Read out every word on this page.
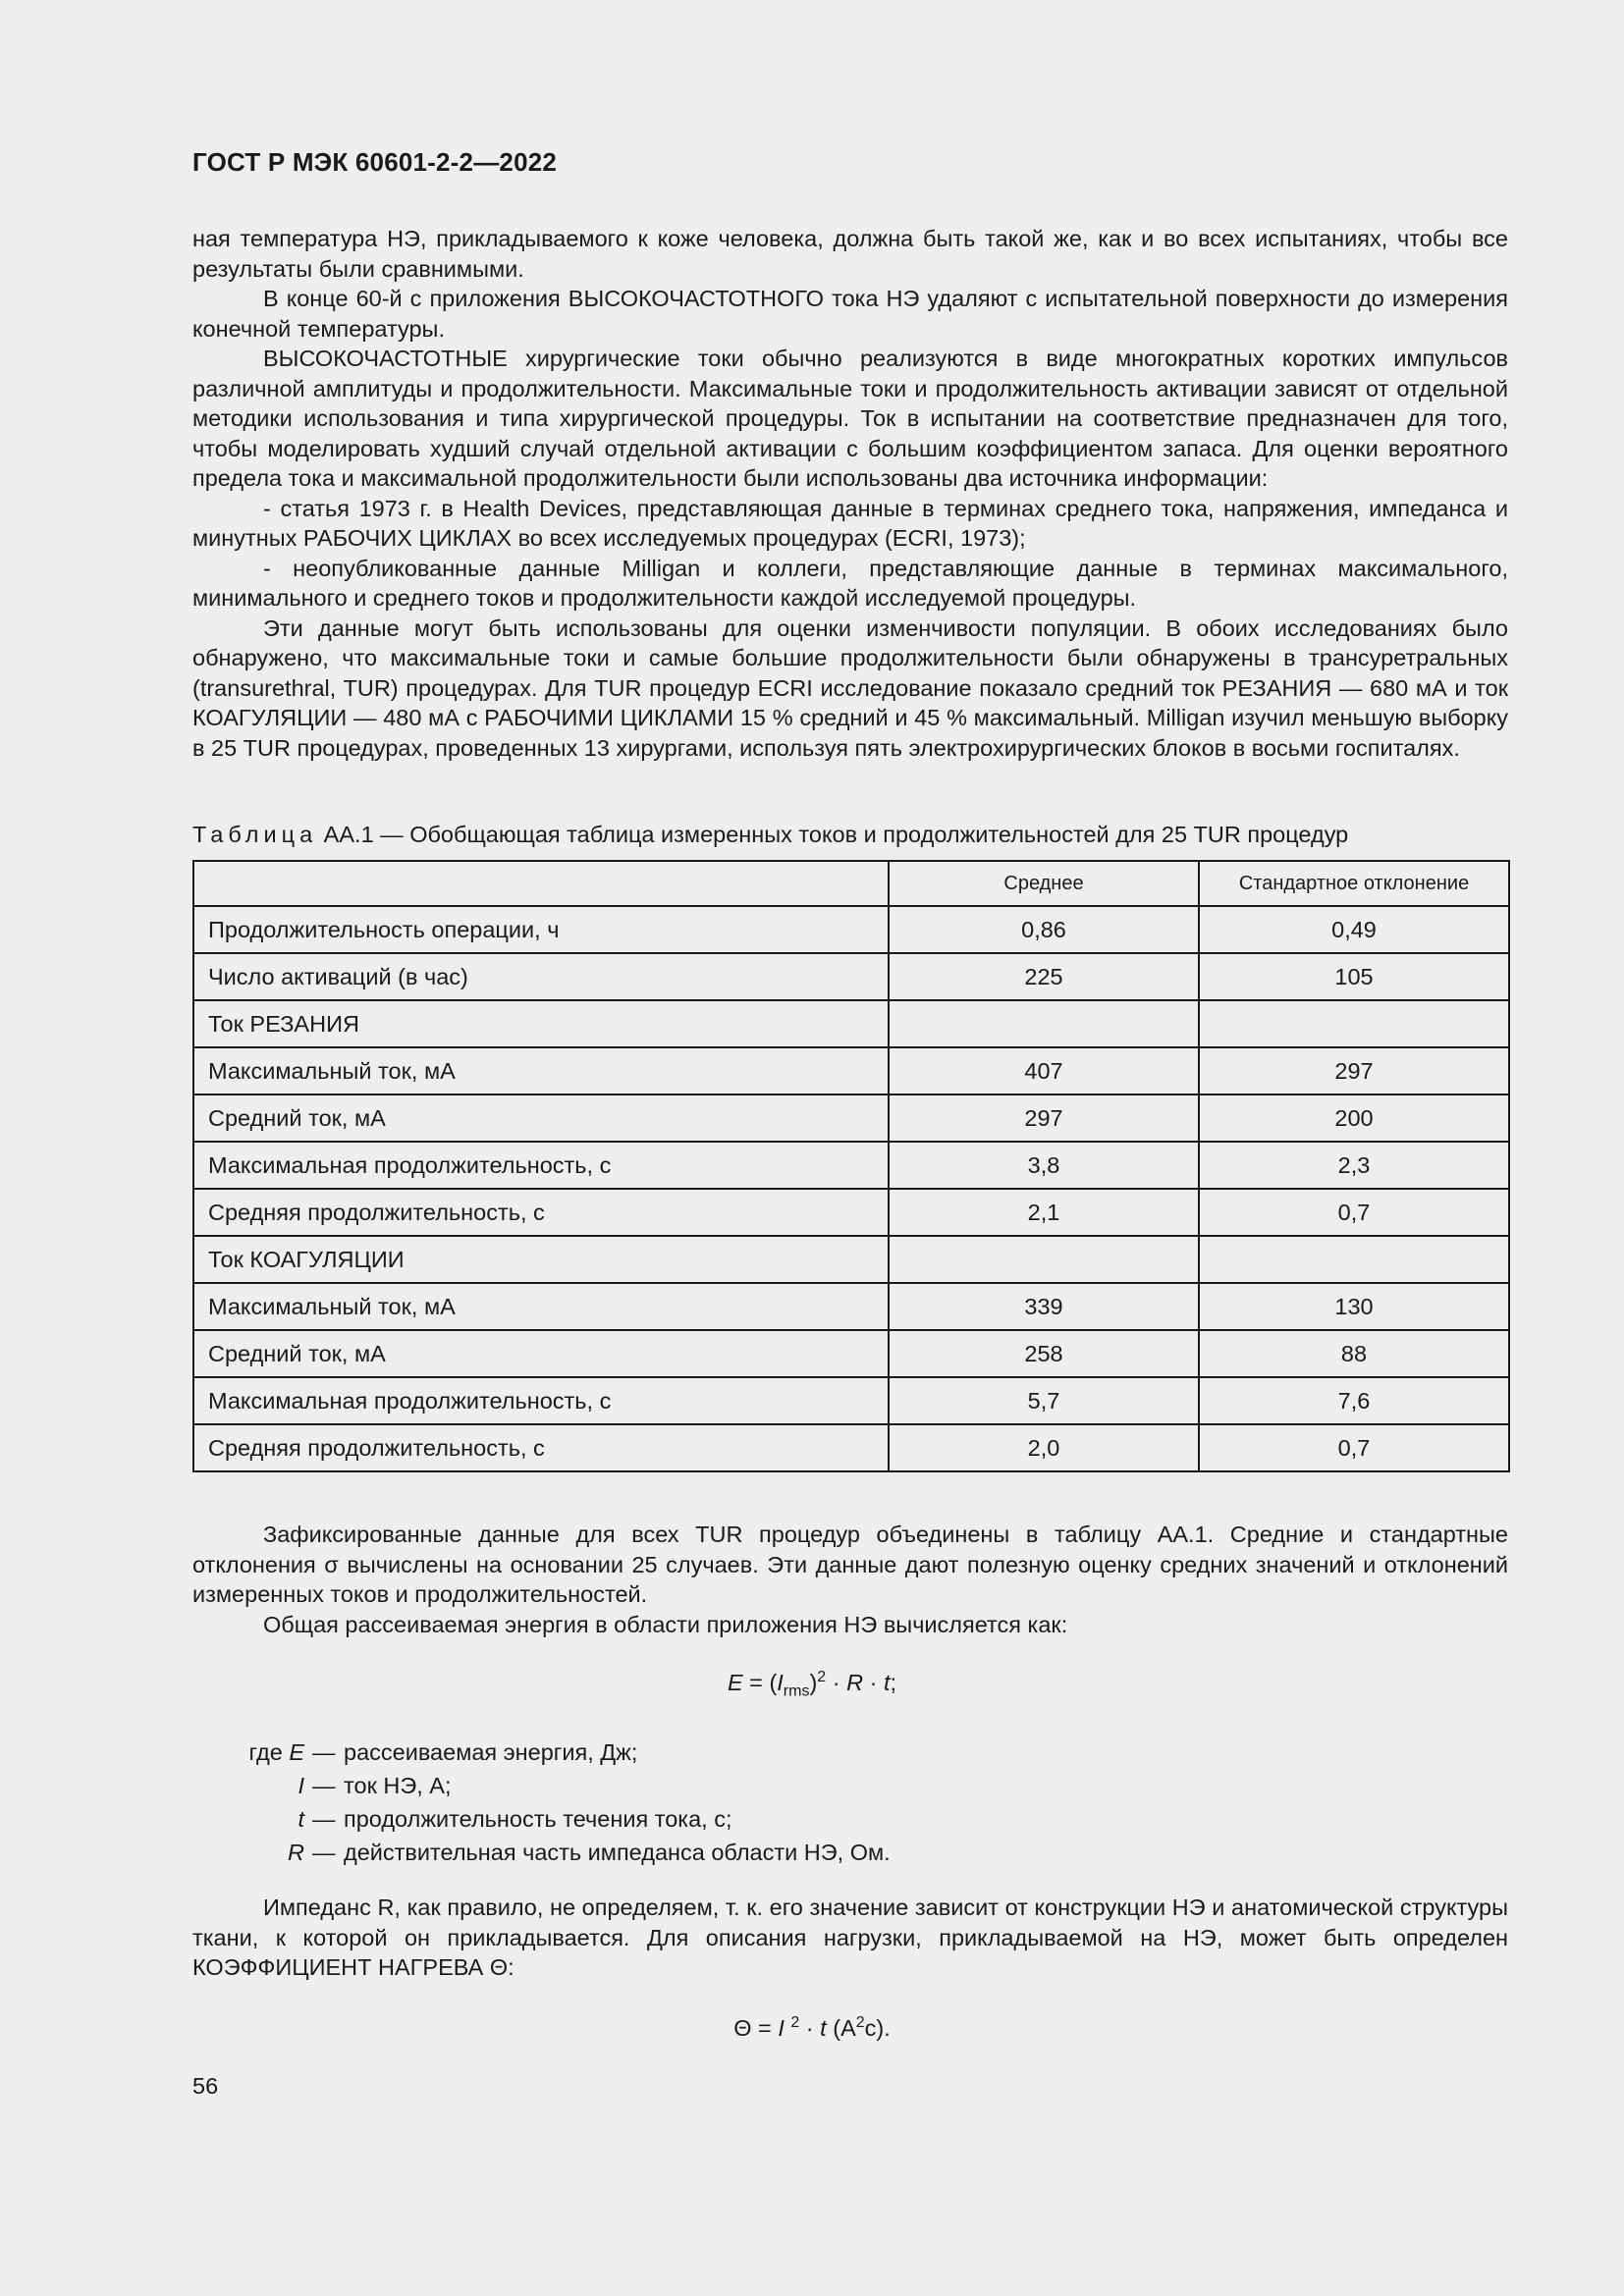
ГОСТ Р МЭК 60601-2-2—2022

ная температура НЭ, прикладываемого к коже человека, должна быть такой же, как и во всех испытаниях, чтобы все результаты были сравнимыми.

В конце 60-й с приложения ВЫСОКОЧАСТОТНОГО тока НЭ удаляют с испытательной поверхности до измерения конечной температуры.

ВЫСОКОЧАСТОТНЫЕ хирургические токи обычно реализуются в виде многократных коротких импульсов различной амплитуды и продолжительности. Максимальные токи и продолжительность активации зависят от отдельной методики использования и типа хирургической процедуры. Ток в испытании на соответствие предназначен для того, чтобы моделировать худший случай отдельной активации с большим коэффициентом запаса. Для оценки вероятного предела тока и максимальной продолжительности были использованы два источника информации:

- статья 1973 г. в Health Devices, представляющая данные в терминах среднего тока, напряжения, импеданса и минутных РАБОЧИХ ЦИКЛАХ во всех исследуемых процедурах (ECRI, 1973);

- неопубликованные данные Milligan и коллеги, представляющие данные в терминах максимального, минимального и среднего токов и продолжительности каждой исследуемой процедуры.

Эти данные могут быть использованы для оценки изменчивости популяции. В обоих исследованиях было обнаружено, что максимальные токи и самые большие продолжительности были обнаружены в трансуретральных (transurethral, TUR) процедурах. Для TUR процедур ECRI исследование показало средний ток РЕЗАНИЯ — 680 мА и ток КОАГУЛЯЦИИ — 480 мА с РАБОЧИМИ ЦИКЛАМИ 15 % средний и 45 % максимальный. Milligan изучил меньшую выборку в 25 TUR процедурах, проведенных 13 хирургами, используя пять электрохирургических блоков в восьми госпиталях.

Таблица АА.1 — Обобщающая таблица измеренных токов и продолжительностей для 25 TUR процедур
	Среднее	Стандартное отклонение
Продолжительность операции, ч	0,86	0,49
Число активаций (в час)	225	105
Ток РЕЗАНИЯ		
Максимальный ток, мА	407	297
Средний ток, мА	297	200
Максимальная продолжительность, с	3,8	2,3
Средняя продолжительность, с	2,1	0,7
Ток КОАГУЛЯЦИИ		
Максимальный ток, мА	339	130
Средний ток, мА	258	88
Максимальная продолжительность, с	5,7	7,6
Средняя продолжительность, с	2,0	0,7

Зафиксированные данные для всех TUR процедур объединены в таблицу АА.1. Средние и стандартные отклонения σ вычислены на основании 25 случаев. Эти данные дают полезную оценку средних значений и отклонений измеренных токов и продолжительностей.

Общая рассеиваемая энергия в области приложения НЭ вычисляется как:

$E = (I_{rms})^2 \cdot R \cdot t$;
где E — рассеиваемая энергия, Дж;
I — ток НЭ, А;
t — продолжительность течения тока, с;
R — действительная часть импеданса области НЭ, Ом.

Импеданс R, как правило, не определяем, т. к. его значение зависит от конструкции НЭ и анатомической структуры ткани, к которой он прикладывается. Для описания нагрузки, прикладываемой на НЭ, может быть определен КОЭФФИЦИЕНТ НАГРЕВА Θ:

Θ = I $^2$ · t $(A^2c)$.
56
